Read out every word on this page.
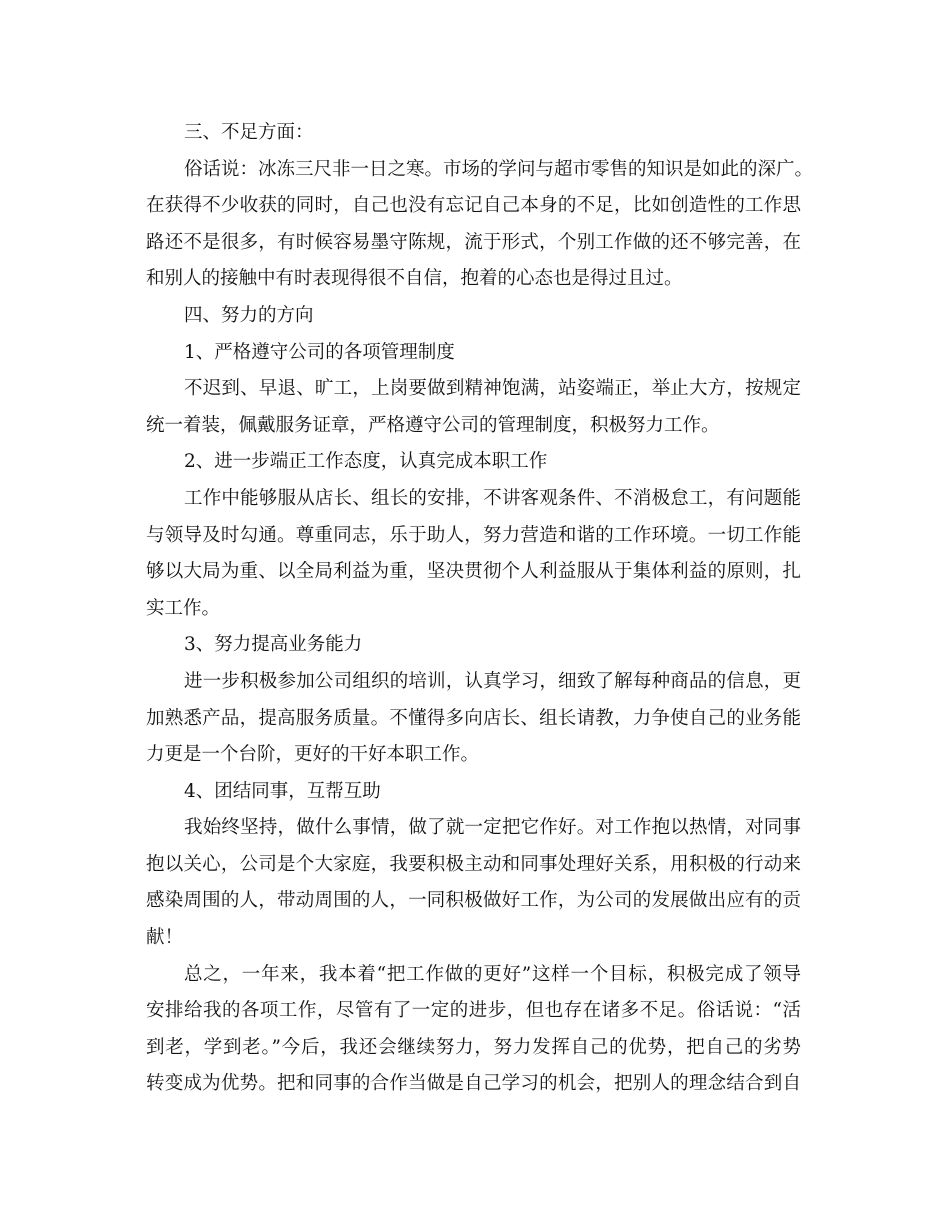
三、不足方面：
俗话说：冰冻三尺非一日之寒。市场的学问与超市零售的知识是如此的深广。
在获得不少收获的同时，自己也没有忘记自己本身的不足，比如创造性的工作思
路还不是很多，有时候容易墨守陈规，流于形式，个别工作做的还不够完善，在
和别人的接触中有时表现得很不自信，抱着的心态也是得过且过。
四、努力的方向
1、严格遵守公司的各项管理制度
不迟到、早退、旷工，上岗要做到精神饱满，站姿端正，举止大方，按规定
统一着装，佩戴服务证章，严格遵守公司的管理制度，积极努力工作。
2、进一步端正工作态度，认真完成本职工作
工作中能够服从店长、组长的安排，不讲客观条件、不消极怠工，有问题能
与领导及时勾通。尊重同志，乐于助人，努力营造和谐的工作环境。一切工作能
够以大局为重、以全局利益为重，坚决贯彻个人利益服从于集体利益的原则，扎
实工作。
3、努力提高业务能力
进一步积极参加公司组织的培训，认真学习，细致了解每种商品的信息，更
加熟悉产品，提高服务质量。不懂得多向店长、组长请教，力争使自己的业务能
力更是一个台阶，更好的干好本职工作。
4、团结同事，互帮互助
我始终坚持，做什么事情，做了就一定把它作好。对工作抱以热情，对同事
抱以关心，公司是个大家庭，我要积极主动和同事处理好关系，用积极的行动来
感染周围的人，带动周围的人，一同积极做好工作，为公司的发展做出应有的贡
献！
总之，一年来，我本着“把工作做的更好”这样一个目标，积极完成了领导
安排给我的各项工作，尽管有了一定的进步，但也存在诸多不足。俗话说：“活
到老，学到老。”今后，我还会继续努力，努力发挥自己的优势，把自己的劣势
转变成为优势。把和同事的合作当做是自己学习的机会，把别人的理念结合到自
